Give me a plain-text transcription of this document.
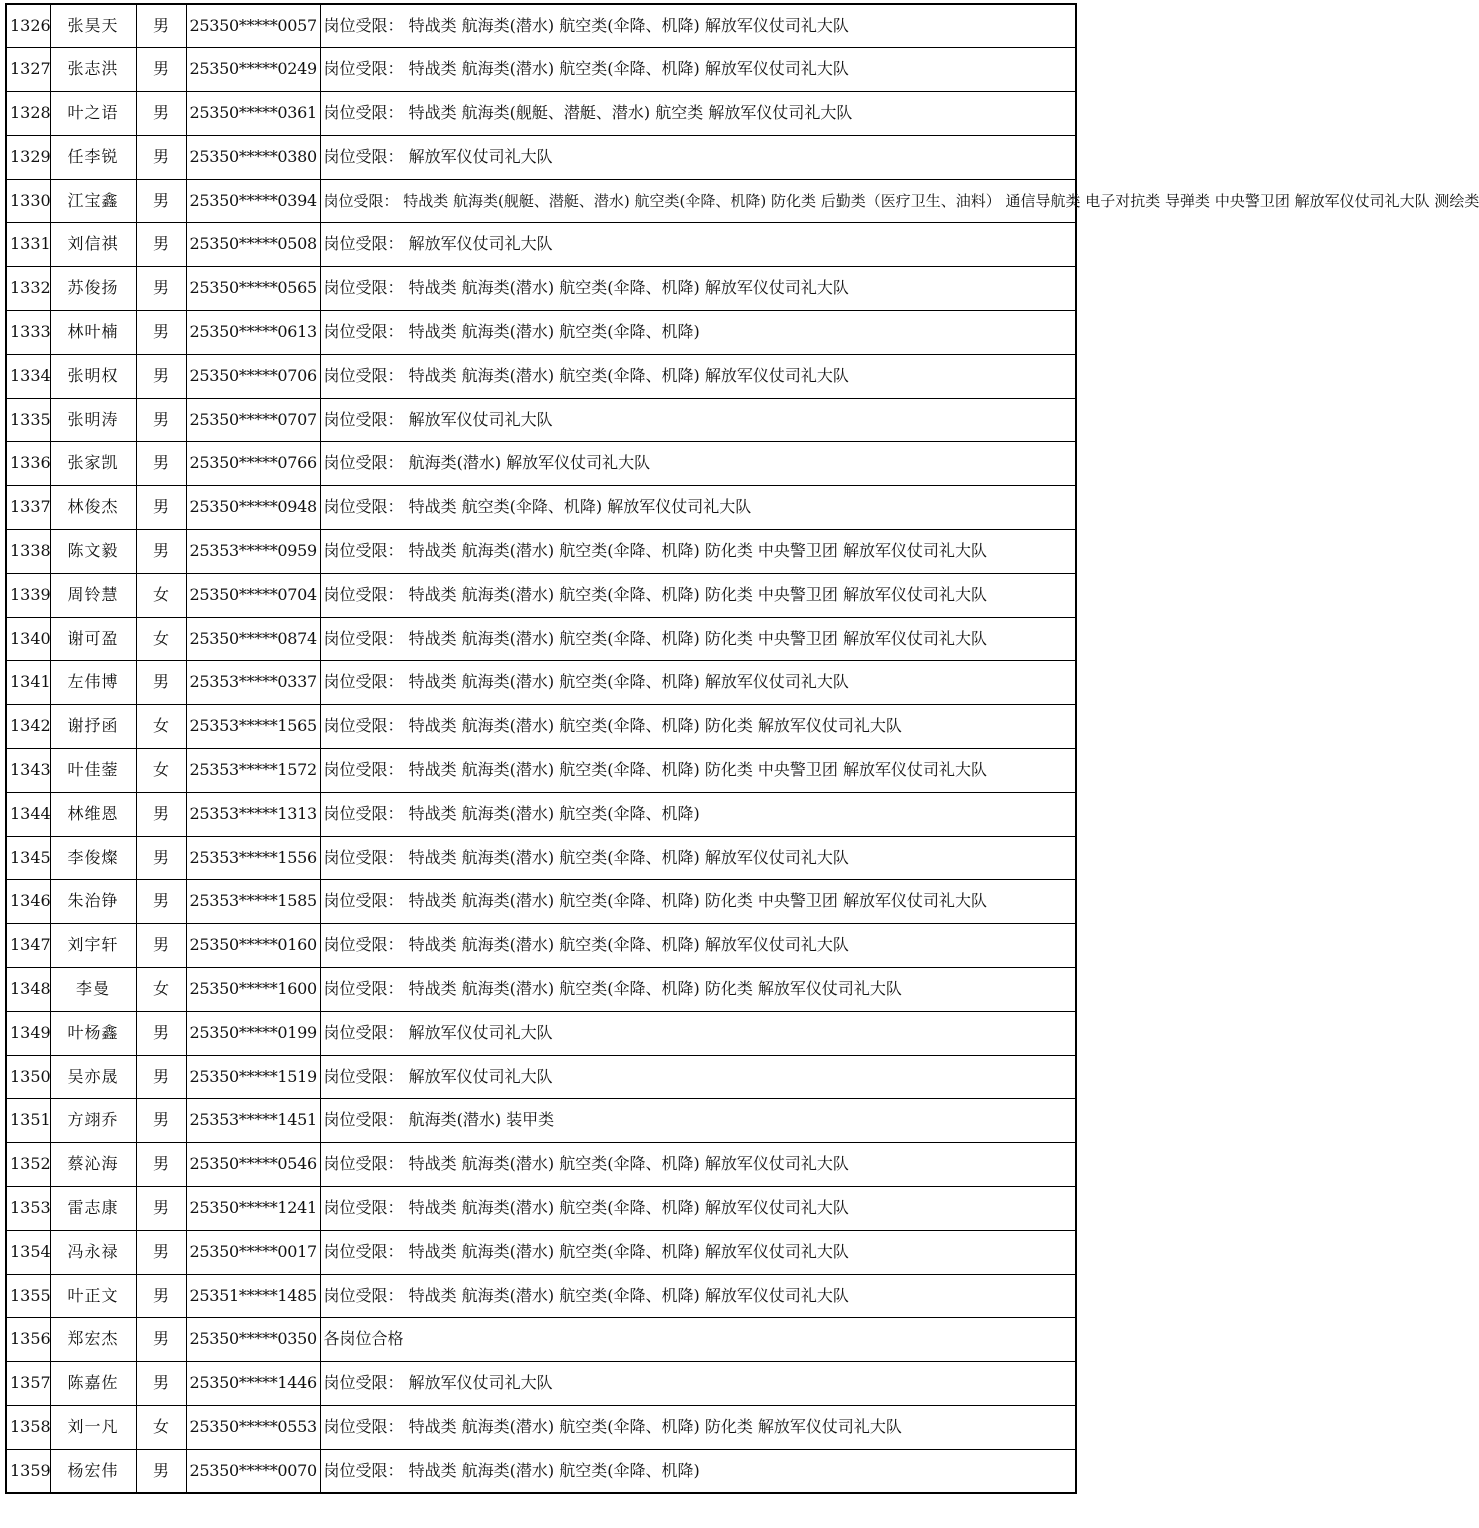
1326	张昊天	男	25350*****0057	岗位受限： 特战类 航海类(潜水) 航空类(伞降、机降) 解放军仪仗司礼大队
1327	张志洪	男	25350*****0249	岗位受限： 特战类 航海类(潜水) 航空类(伞降、机降) 解放军仪仗司礼大队
1328	叶之语	男	25350*****0361	岗位受限： 特战类 航海类(舰艇、潜艇、潜水) 航空类 解放军仪仗司礼大队
1329	任李锐	男	25350*****0380	岗位受限： 解放军仪仗司礼大队
1330	江宝鑫	男	25350*****0394	岗位受限： 特战类 航海类(舰艇、潜艇、潜水) 航空类(伞降、机降) 防化类 后勤类（医疗卫生、油料） 通信导航类 电子对抗类 导弹类 中央警卫团 解放军仪仗司礼大队 测绘类
1331	刘信祺	男	25350*****0508	岗位受限： 解放军仪仗司礼大队
1332	苏俊扬	男	25350*****0565	岗位受限： 特战类 航海类(潜水) 航空类(伞降、机降) 解放军仪仗司礼大队
1333	林叶楠	男	25350*****0613	岗位受限： 特战类 航海类(潜水) 航空类(伞降、机降)
1334	张明权	男	25350*****0706	岗位受限： 特战类 航海类(潜水) 航空类(伞降、机降) 解放军仪仗司礼大队
1335	张明涛	男	25350*****0707	岗位受限： 解放军仪仗司礼大队
1336	张家凯	男	25350*****0766	岗位受限： 航海类(潜水) 解放军仪仗司礼大队
1337	林俊杰	男	25350*****0948	岗位受限： 特战类 航空类(伞降、机降) 解放军仪仗司礼大队
1338	陈文毅	男	25353*****0959	岗位受限： 特战类 航海类(潜水) 航空类(伞降、机降) 防化类 中央警卫团 解放军仪仗司礼大队
1339	周铃慧	女	25350*****0704	岗位受限： 特战类 航海类(潜水) 航空类(伞降、机降) 防化类 中央警卫团 解放军仪仗司礼大队
1340	谢可盈	女	25350*****0874	岗位受限： 特战类 航海类(潜水) 航空类(伞降、机降) 防化类 中央警卫团 解放军仪仗司礼大队
1341	左伟博	男	25353*****0337	岗位受限： 特战类 航海类(潜水) 航空类(伞降、机降) 解放军仪仗司礼大队
1342	谢抒函	女	25353*****1565	岗位受限： 特战类 航海类(潜水) 航空类(伞降、机降) 防化类 解放军仪仗司礼大队
1343	叶佳蓥	女	25353*****1572	岗位受限： 特战类 航海类(潜水) 航空类(伞降、机降) 防化类 中央警卫团 解放军仪仗司礼大队
1344	林维恩	男	25353*****1313	岗位受限： 特战类 航海类(潜水) 航空类(伞降、机降)
1345	李俊燦	男	25353*****1556	岗位受限： 特战类 航海类(潜水) 航空类(伞降、机降) 解放军仪仗司礼大队
1346	朱治铮	男	25353*****1585	岗位受限： 特战类 航海类(潜水) 航空类(伞降、机降) 防化类 中央警卫团 解放军仪仗司礼大队
1347	刘宇轩	男	25350*****0160	岗位受限： 特战类 航海类(潜水) 航空类(伞降、机降) 解放军仪仗司礼大队
1348	李曼	女	25350*****1600	岗位受限： 特战类 航海类(潜水) 航空类(伞降、机降) 防化类 解放军仪仗司礼大队
1349	叶杨鑫	男	25350*****0199	岗位受限： 解放军仪仗司礼大队
1350	吴亦晟	男	25350*****1519	岗位受限： 解放军仪仗司礼大队
1351	方翊乔	男	25353*****1451	岗位受限： 航海类(潜水) 装甲类
1352	蔡沁海	男	25350*****0546	岗位受限： 特战类 航海类(潜水) 航空类(伞降、机降) 解放军仪仗司礼大队
1353	雷志康	男	25350*****1241	岗位受限： 特战类 航海类(潜水) 航空类(伞降、机降) 解放军仪仗司礼大队
1354	冯永禄	男	25350*****0017	岗位受限： 特战类 航海类(潜水) 航空类(伞降、机降) 解放军仪仗司礼大队
1355	叶正文	男	25351*****1485	岗位受限： 特战类 航海类(潜水) 航空类(伞降、机降) 解放军仪仗司礼大队
1356	郑宏杰	男	25350*****0350	各岗位合格
1357	陈嘉佐	男	25350*****1446	岗位受限： 解放军仪仗司礼大队
1358	刘一凡	女	25350*****0553	岗位受限： 特战类 航海类(潜水) 航空类(伞降、机降) 防化类 解放军仪仗司礼大队
1359	杨宏伟	男	25350*****0070	岗位受限： 特战类 航海类(潜水) 航空类(伞降、机降)
